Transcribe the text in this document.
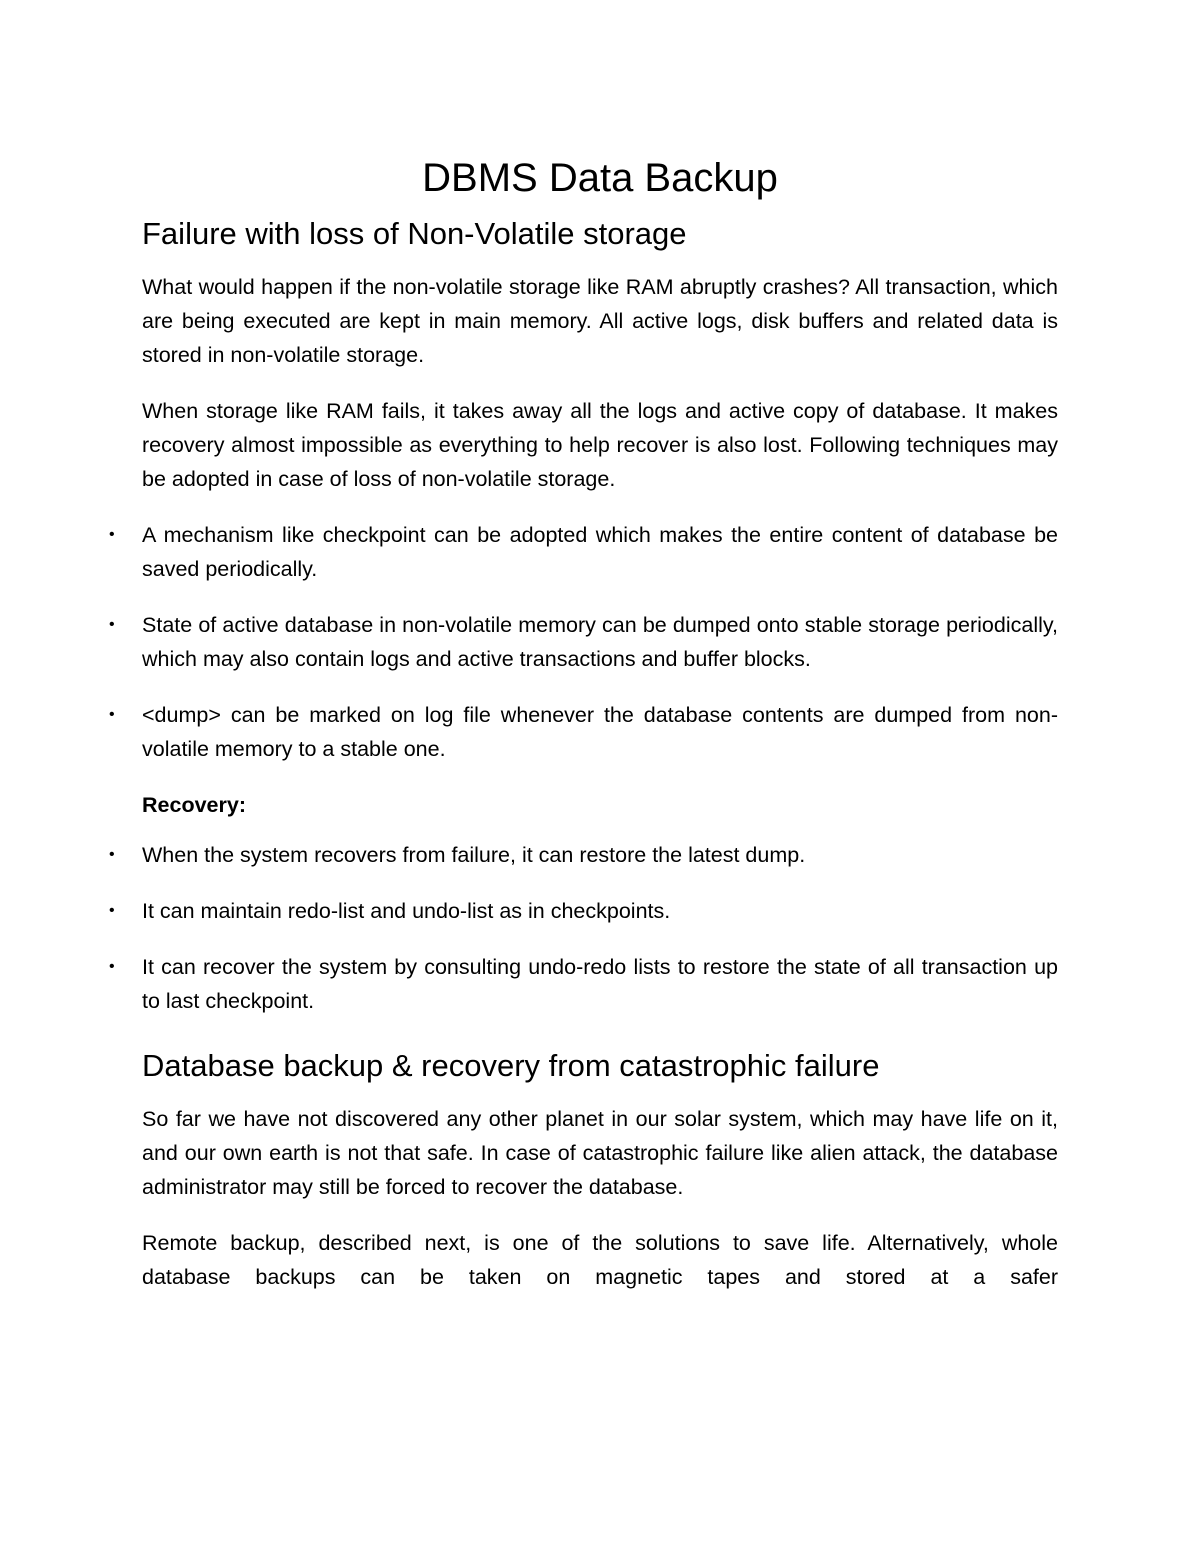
DBMS Data Backup
Failure with loss of Non-Volatile storage

What would happen if the non-volatile storage like RAM abruptly crashes? All transaction, which are being executed are kept in main memory. All active logs, disk buffers and related data is stored in non-volatile storage.

When storage like RAM fails, it takes away all the logs and active copy of database. It makes recovery almost impossible as everything to help recover is also lost. Following techniques may be adopted in case of loss of non-volatile storage.

• A mechanism like checkpoint can be adopted which makes the entire content of database be saved periodically.
• State of active database in non-volatile memory can be dumped onto stable storage periodically, which may also contain logs and active transactions and buffer blocks.
• <dump> can be marked on log file whenever the database contents are dumped from non-volatile memory to a stable one.

Recovery:

• When the system recovers from failure, it can restore the latest dump.
• It can maintain redo-list and undo-list as in checkpoints.
• It can recover the system by consulting undo-redo lists to restore the state of all transaction up to last checkpoint.
Database backup & recovery from catastrophic failure

So far we have not discovered any other planet in our solar system, which may have life on it, and our own earth is not that safe. In case of catastrophic failure like alien attack, the database administrator may still be forced to recover the database.

Remote backup, described next, is one of the solutions to save life. Alternatively, whole database backups can be taken on magnetic tapes and stored at a safer
